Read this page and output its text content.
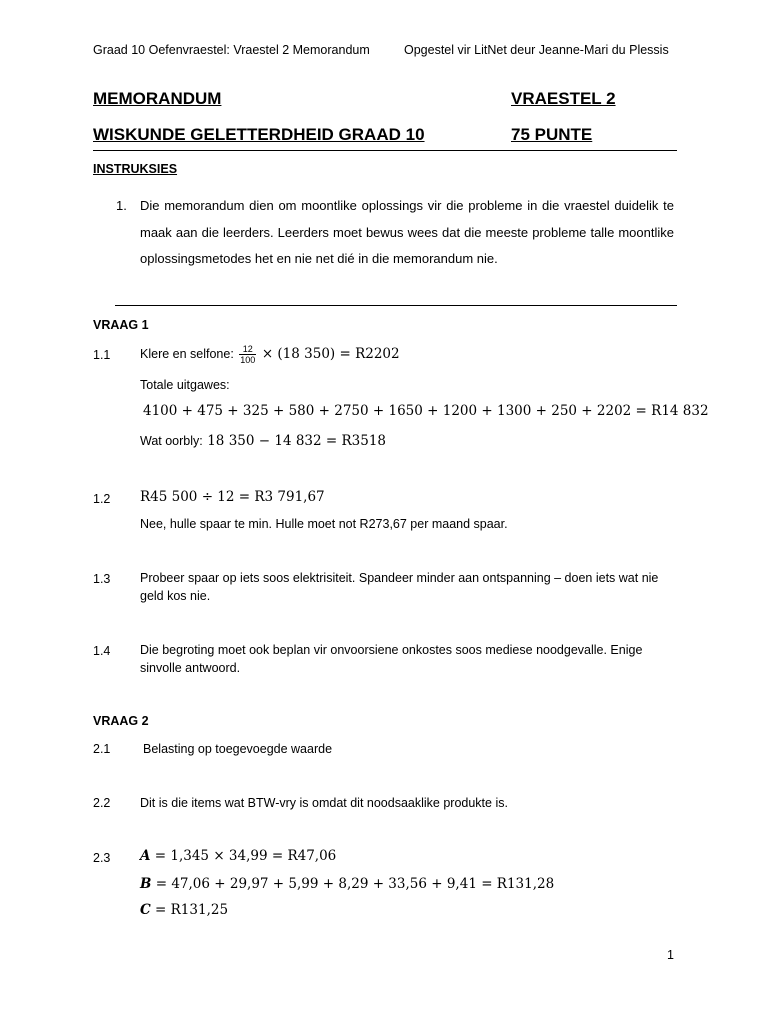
Graad 10 Oefenvraestel: Vraestel 2 Memorandum	Opgestel vir LitNet deur Jeanne-Mari du Plessis
MEMORANDUM	VRAESTEL 2
WISKUNDE GELETTERDHEID GRAAD 10	75 PUNTE
INSTRUKSIES
1. Die memorandum dien om moontlike oplossings vir die probleme in die vraestel duidelik te maak aan die leerders. Leerders moet bewus wees dat die meeste probleme talle moontlike oplossingsmetodes het en nie net dié in die memorandum nie.
VRAAG 1
1.1 Klere en selfone: $\frac{12}{100} \times (18$ 350) = R2202
Totale uitgawes:
4100 + 475 + 325 + 580 + 2750 + 1650 + 1200 + 1300 + 250 + 2202 = R14 832
Wat oorbly: 18 350 − 14 832 = R3518
1.2 R45 500 ÷ 12 = R3 791,67
Nee, hulle spaar te min. Hulle moet not R273,67 per maand spaar.
1.3 Probeer spaar op iets soos elektrisiteit. Spandeer minder aan ontspanning – doen iets wat nie geld kos nie.
1.4 Die begroting moet ook beplan vir onvoorsiene onkostes soos mediese noodgevalle. Enige sinvolle antwoord.
VRAAG 2
2.1	Belasting op toegevoegde waarde
2.2 Dit is die items wat BTW-vry is omdat dit noodsaaklike produkte is.
2.3 A = 1,345 × 34,99 = R47,06
B = 47,06 + 29,97 + 5,99 + 8,29 + 33,56 + 9,41 = R131,28
C = R131,25
1
